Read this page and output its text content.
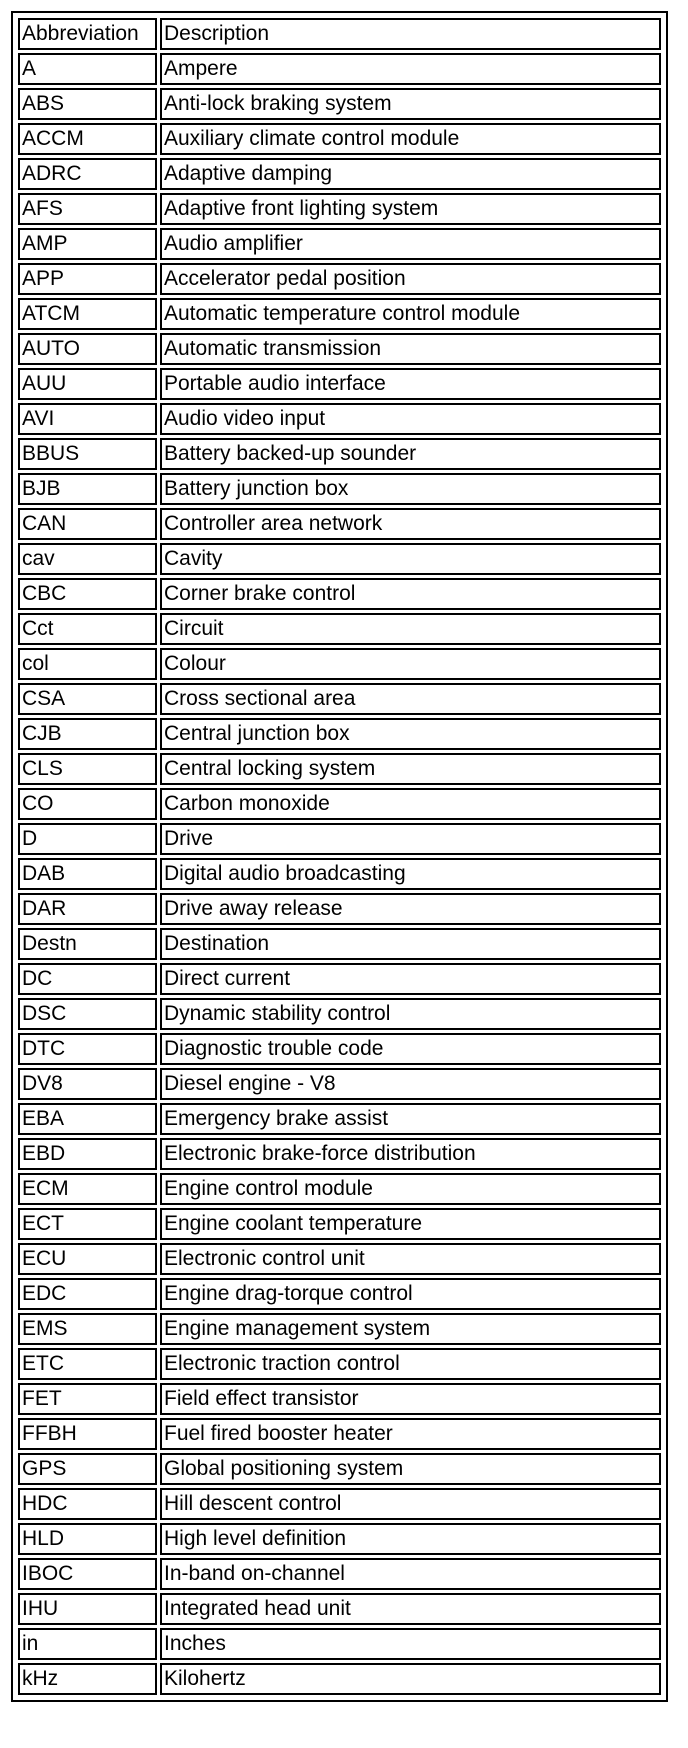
Abbreviation	Description
A	Ampere
ABS	Anti-lock braking system
ACCM	Auxiliary climate control module
ADRC	Adaptive damping
AFS	Adaptive front lighting system
AMP	Audio amplifier
APP	Accelerator pedal position
ATCM	Automatic temperature control module
AUTO	Automatic transmission
AUU	Portable audio interface
AVI	Audio video input
BBUS	Battery backed-up sounder
BJB	Battery junction box
CAN	Controller area network
cav	Cavity
CBC	Corner brake control
Cct	Circuit
col	Colour
CSA	Cross sectional area
CJB	Central junction box
CLS	Central locking system
CO	Carbon monoxide
D	Drive
DAB	Digital audio broadcasting
DAR	Drive away release
Destn	Destination
DC	Direct current
DSC	Dynamic stability control
DTC	Diagnostic trouble code
DV8	Diesel engine - V8
EBA	Emergency brake assist
EBD	Electronic brake-force distribution
ECM	Engine control module
ECT	Engine coolant temperature
ECU	Electronic control unit
EDC	Engine drag-torque control
EMS	Engine management system
ETC	Electronic traction control
FET	Field effect transistor
FFBH	Fuel fired booster heater
GPS	Global positioning system
HDC	Hill descent control
HLD	High level definition
IBOC	In-band on-channel
IHU	Integrated head unit
in	Inches
kHz	Kilohertz
